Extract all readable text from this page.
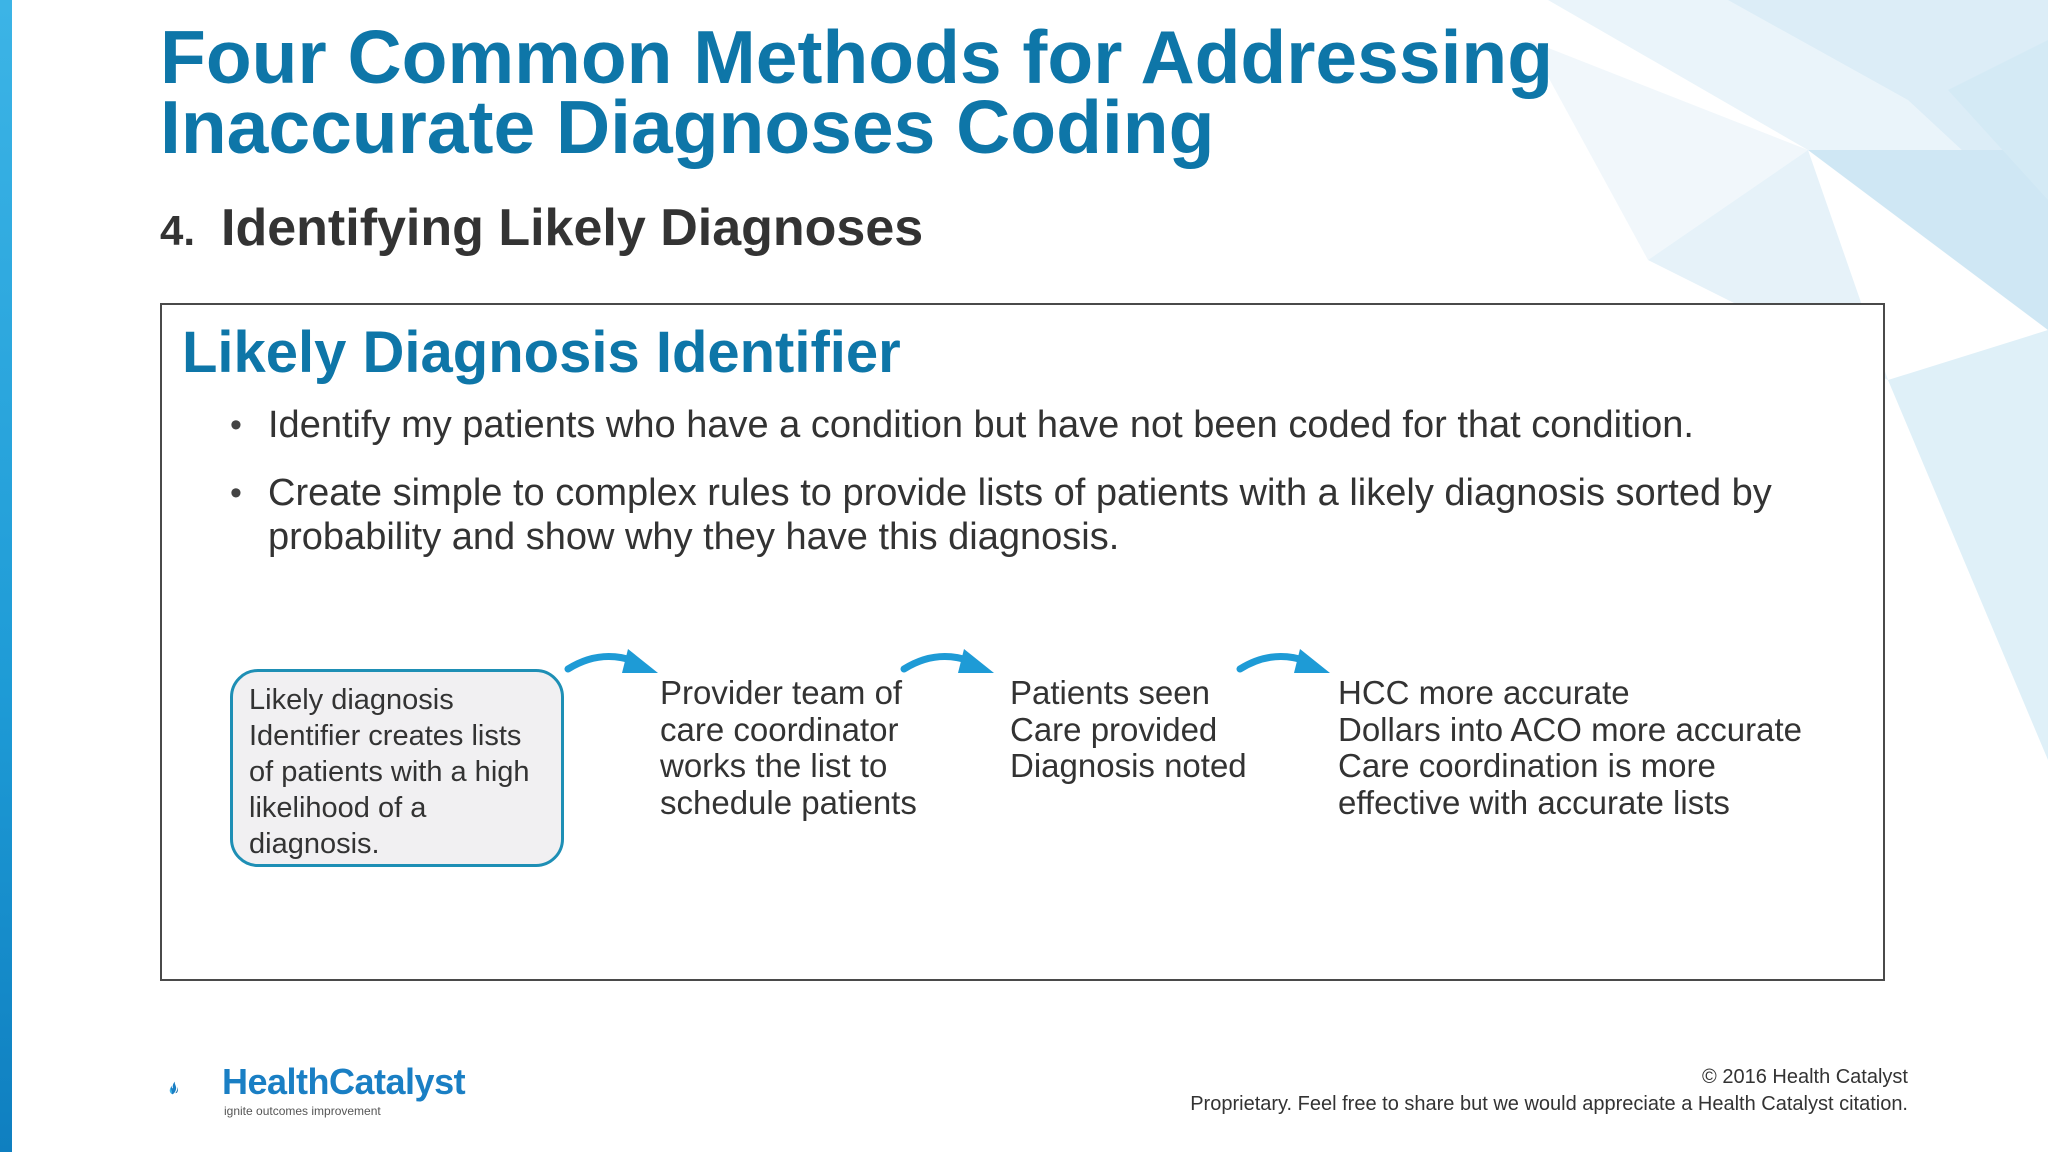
Four Common Methods for Addressing Inaccurate Diagnoses Coding
4. Identifying Likely Diagnoses
Likely Diagnosis Identifier
• Identify my patients who have a condition but have not been coded for that condition.
• Create simple to complex rules to provide lists of patients with a likely diagnosis sorted by probability and show why they have this diagnosis.
Likely diagnosis Identifier creates lists of patients with a high likelihood of a diagnosis.
Provider team of
care coordinator
works the list to
schedule patients
Patients seen
Care provided
Diagnosis noted
HCC more accurate
Dollars into ACO more accurate
Care coordination is more
effective with accurate lists
HealthCatalyst
ignite outcomes improvement
© 2016 Health Catalyst
Proprietary. Feel free to share but we would appreciate a Health Catalyst citation.
